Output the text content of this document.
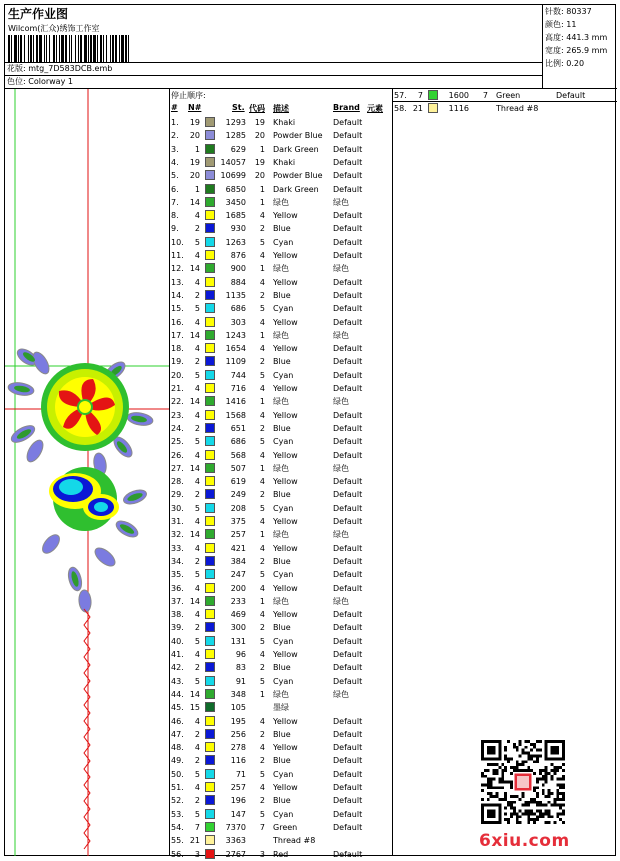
生产作业图
Wilcom(汇众)绣饰工作室
花版: mtg_7D583DCB.emb
色位: Colorway 1
针数: 80337
颜色: 11
高度: 441.3 mm
宽度: 265.9 mm
比例: 0.20
停止顺序:
# N#	St. 代码 描述	Brand 元素
6xiu.com
1.	19	1293	19 Khaki	Default
2.	20	1285	20 Powder Blue Default
3.	1	629	1 Dark Green Default
4.	19	14057	19 Khaki	Default
5.	20	10699	20 Powder Blue Default
6.	1	6850	1 Dark Green Default
7.	14	3450	1 绿色	绿色
8.	4	1685	4 Yellow	Default
9.	2	930	2 Blue	Default
10.	5	1263	5 Cyan	Default
11.	4	876	4 Yellow	Default
12. 14	900	1 绿色	绿色
13.	4	884	4 Yellow	Default
14.	2	1135	2 Blue	Default
15.	5	686	5 Cyan	Default
16.	4	303	4 Yellow	Default
17. 14	1243	1 绿色	绿色
18.	4	1654	4 Yellow	Default
19.	2	1109	2 Blue	Default
20.	5	744	5 Cyan	Default
21.	4	716	4 Yellow	Default
22. 14	1416	1 绿色	绿色
23.	4	1568	4 Yellow	Default
24.	2	651	2 Blue	Default
25.	5	686	5 Cyan	Default
26.	4	568	4 Yellow	Default
27. 14	507	1 绿色	绿色
28.	4	619	4 Yellow	Default
29.	2	249	2 Blue	Default
30.	5	208	5 Cyan	Default
31.	4	375	4 Yellow	Default
32. 14	257	1 绿色	绿色
33.	4	421	4 Yellow	Default
34.	2	384	2 Blue	Default
35.	5	247	5 Cyan	Default
36.	4	200	4 Yellow	Default
37. 14	233	1 绿色	绿色
38.	4	469	4 Yellow	Default
39.	2	300	2 Blue	Default
40.	5	131	5 Cyan	Default
41.	4	96	4 Yellow	Default
42.	2	83	2 Blue	Default
43.	5	91	5 Cyan	Default
44. 14	348	1 绿色	绿色
45. 15	105	墨绿
46.	4	195	4 Yellow	Default
47.	2	256	2 Blue	Default
48.	4	278	4 Yellow	Default
49.	2	116	2 Blue	Default
50.	5	71	5 Cyan	Default
51.	4	257	4 Yellow	Default
52.	2	196	2 Blue	Default
53.	5	147	5 Cyan	Default
54.	7	7370	7 Green	Default
55. 21	3363	Thread #8
56.	3	2767	3 Red	Default
57.	7	1600	7 Green	Default
58. 21	1116	Thread #8
